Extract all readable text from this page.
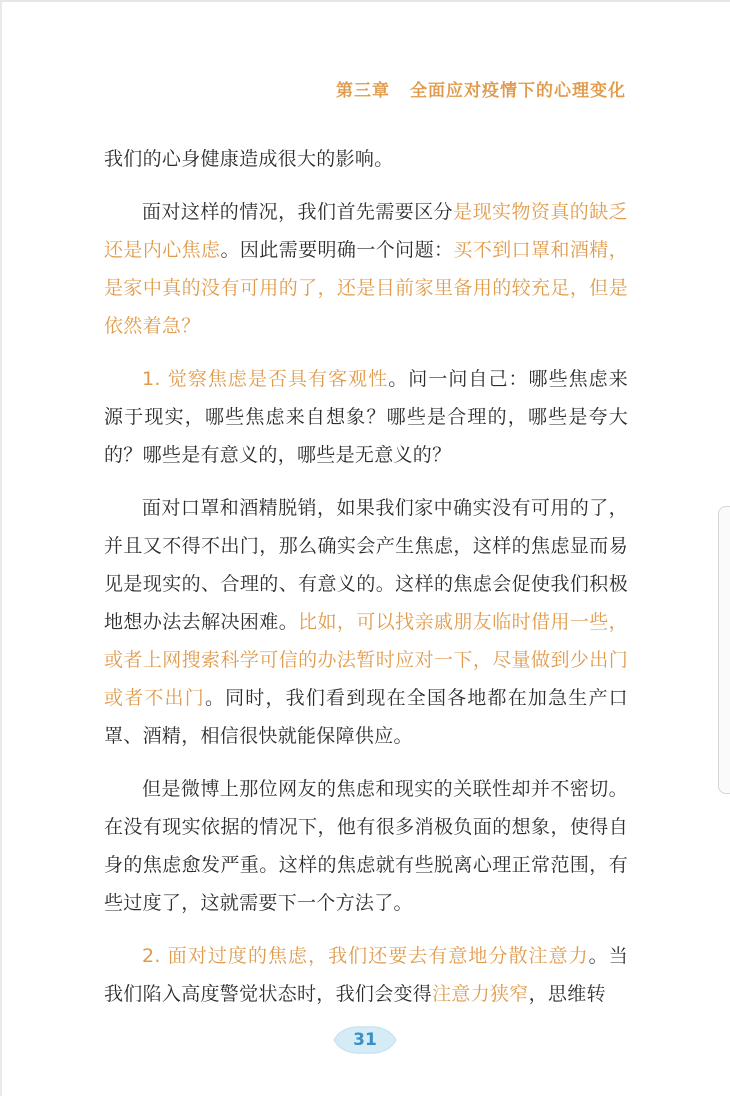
第三章 全面应对疫情下的心理变化

我们的心身健康造成很大的影响。

面对这样的情况，我们首先需要区分是现实物资真的缺乏还是内心焦虑。因此需要明确一个问题：买不到口罩和酒精，是家中真的没有可用的了，还是目前家里备用的较充足，但是依然着急？

1. 觉察焦虑是否具有客观性。问一问自己：哪些焦虑来源于现实，哪些焦虑来自想象？哪些是合理的，哪些是夸大的？哪些是有意义的，哪些是无意义的？

面对口罩和酒精脱销，如果我们家中确实没有可用的了，并且又不得不出门，那么确实会产生焦虑，这样的焦虑显而易见是现实的、合理的、有意义的。这样的焦虑会促使我们积极地想办法去解决困难。比如，可以找亲戚朋友临时借用一些，或者上网搜索科学可信的办法暂时应对一下，尽量做到少出门或者不出门。同时，我们看到现在全国各地都在加急生产口罩、酒精，相信很快就能保障供应。

但是微博上那位网友的焦虑和现实的关联性却并不密切。在没有现实依据的情况下，他有很多消极负面的想象，使得自身的焦虑愈发严重。这样的焦虑就有些脱离心理正常范围，有些过度了，这就需要下一个方法了。

2. 面对过度的焦虑，我们还要去有意地分散注意力。当我们陷入高度警觉状态时，我们会变得注意力狭窄，思维转

31
